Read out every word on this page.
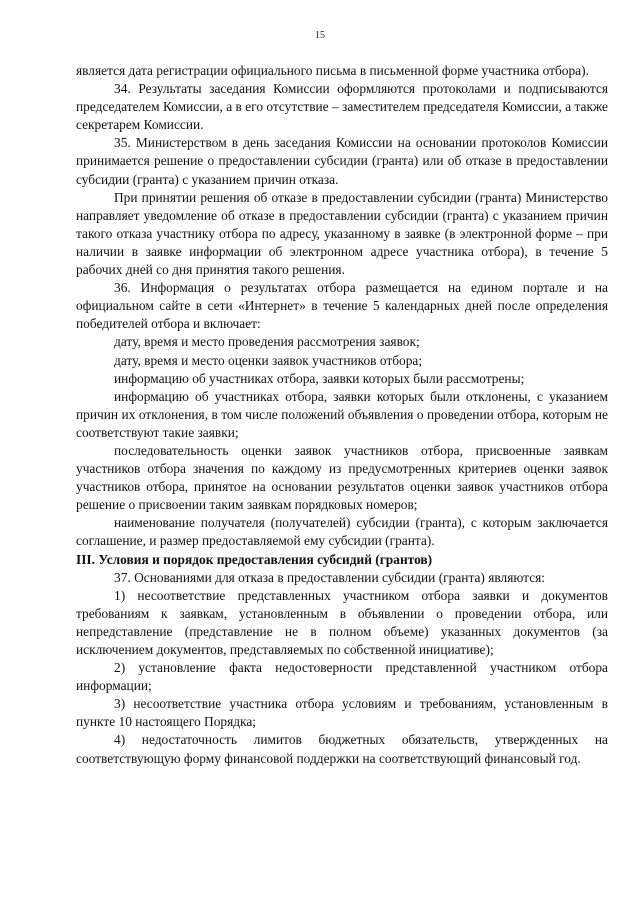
15

является дата регистрации официального письма в письменной форме участника отбора).

34. Результаты заседания Комиссии оформляются протоколами и подписываются председателем Комиссии, а в его отсутствие – заместителем председателя Комиссии, а также секретарем Комиссии.

35. Министерством в день заседания Комиссии на основании протоколов Комиссии принимается решение о предоставлении субсидии (гранта) или об отказе в предоставлении субсидии (гранта) с указанием причин отказа.

При принятии решения об отказе в предоставлении субсидии (гранта) Министерство направляет уведомление об отказе в предоставлении субсидии (гранта) с указанием причин такого отказа участнику отбора по адресу, указанному в заявке (в электронной форме – при наличии в заявке информации об электронном адресе участника отбора), в течение 5 рабочих дней со дня принятия такого решения.

36. Информация о результатах отбора размещается на едином портале и на официальном сайте в сети «Интернет» в течение 5 календарных дней после определения победителей отбора и включает:

дату, время и место проведения рассмотрения заявок;

дату, время и место оценки заявок участников отбора;

информацию об участниках отбора, заявки которых были рассмотрены;

информацию об участниках отбора, заявки которых были отклонены, с указанием причин их отклонения, в том числе положений объявления о проведении отбора, которым не соответствуют такие заявки;

последовательность оценки заявок участников отбора, присвоенные заявкам участников отбора значения по каждому из предусмотренных критериев оценки заявок участников отбора, принятое на основании результатов оценки заявок участников отбора решение о присвоении таким заявкам порядковых номеров;

наименование получателя (получателей) субсидии (гранта), с которым заключается соглашение, и размер предоставляемой ему субсидии (гранта).

III. Условия и порядок предоставления субсидий (грантов)

37. Основаниями для отказа в предоставлении субсидии (гранта) являются:

1) несоответствие представленных участником отбора заявки и документов требованиям к заявкам, установленным в объявлении о проведении отбора, или непредставление (представление не в полном объеме) указанных документов (за исключением документов, представляемых по собственной инициативе);

2) установление факта недостоверности представленной участником отбора информации;

3) несоответствие участника отбора условиям и требованиям, установленным в пункте 10 настоящего Порядка;

4) недостаточность лимитов бюджетных обязательств, утвержденных на соответствующую форму финансовой поддержки на соответствующий финансовый год.
